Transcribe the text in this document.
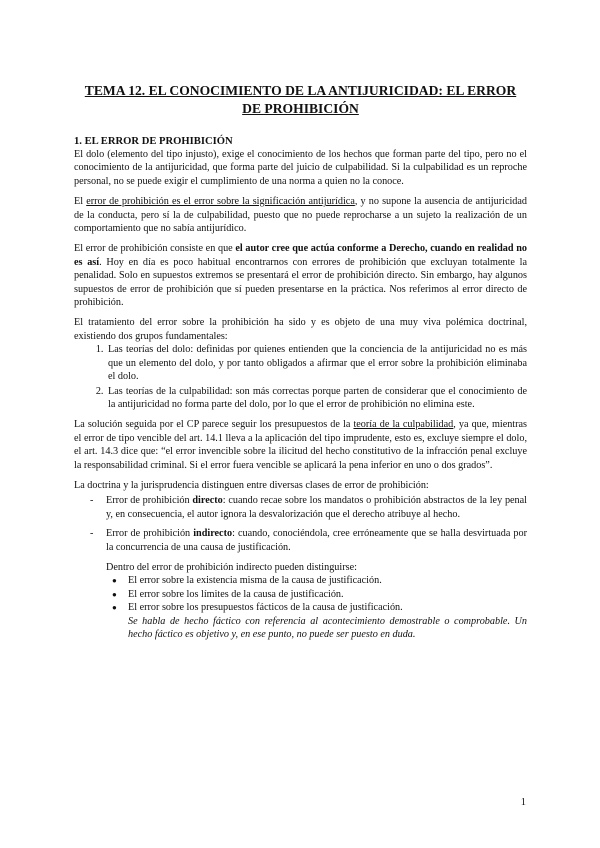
TEMA 12. EL CONOCIMIENTO DE LA ANTIJURICIDAD: EL ERROR DE PROHIBICIÓN
1. EL ERROR DE PROHIBICIÓN

El dolo (elemento del tipo injusto), exige el conocimiento de los hechos que forman parte del tipo, pero no el conocimiento de la antijuricidad, que forma parte del juicio de culpabilidad. Si la culpabilidad es un reproche personal, no se puede exigir el cumplimiento de una norma a quien no la conoce.

El error de prohibición es el error sobre la significación antijurídica, y no supone la ausencia de antijuricidad de la conducta, pero sí la de culpabilidad, puesto que no puede reprocharse a un sujeto la realización de un comportamiento que no sabía antijurídico.

El error de prohibición consiste en que el autor cree que actúa conforme a Derecho, cuando en realidad no es así. Hoy en día es poco habitual encontrarnos con errores de prohibición que excluyan totalmente la penalidad. Solo en supuestos extremos se presentará el error de prohibición directo. Sin embargo, hay algunos supuestos de error de prohibición que sí pueden presentarse en la práctica. Nos referimos al error directo de prohibición.

El tratamiento del error sobre la prohibición ha sido y es objeto de una muy viva polémica doctrinal, existiendo dos grupos fundamentales:

1. Las teorías del dolo: definidas por quienes entienden que la conciencia de la antijuricidad no es más que un elemento del dolo, y por tanto obligados a afirmar que el error sobre la prohibición eliminaba el dolo.
2. Las teorías de la culpabilidad: son más correctas porque parten de considerar que el conocimiento de la antijuricidad no forma parte del dolo, por lo que el error de prohibición no elimina este.

La solución seguida por el CP parece seguir los presupuestos de la teoría de la culpabilidad, ya que, mientras el error de tipo vencible del art. 14.1 lleva a la aplicación del tipo imprudente, esto es, excluye siempre el dolo, el art. 14.3 dice que: “el error invencible sobre la ilicitud del hecho constitutivo de la infracción penal excluye la responsabilidad criminal. Si el error fuera vencible se aplicará la pena inferior en uno o dos grados”.

La doctrina y la jurisprudencia distinguen entre diversas clases de error de prohibición:

- Error de prohibición directo: cuando recae sobre los mandatos o prohibición abstractos de la ley penal y, en consecuencia, el autor ignora la desvalorización que el derecho atribuye al hecho.
- Error de prohibición indirecto: cuando, conociéndola, cree erróneamente que se halla desvirtuada por la concurrencia de una causa de justificación.
Dentro del error de prohibición indirecto pueden distinguirse:
● El error sobre la existencia misma de la causa de justificación.
● El error sobre los límites de la causa de justificación.
● El error sobre los presupuestos fácticos de la causa de justificación.
Se habla de hecho fáctico con referencia al acontecimiento demostrable o comprobable. Un hecho fáctico es objetivo y, en ese punto, no puede ser puesto en duda.
1
